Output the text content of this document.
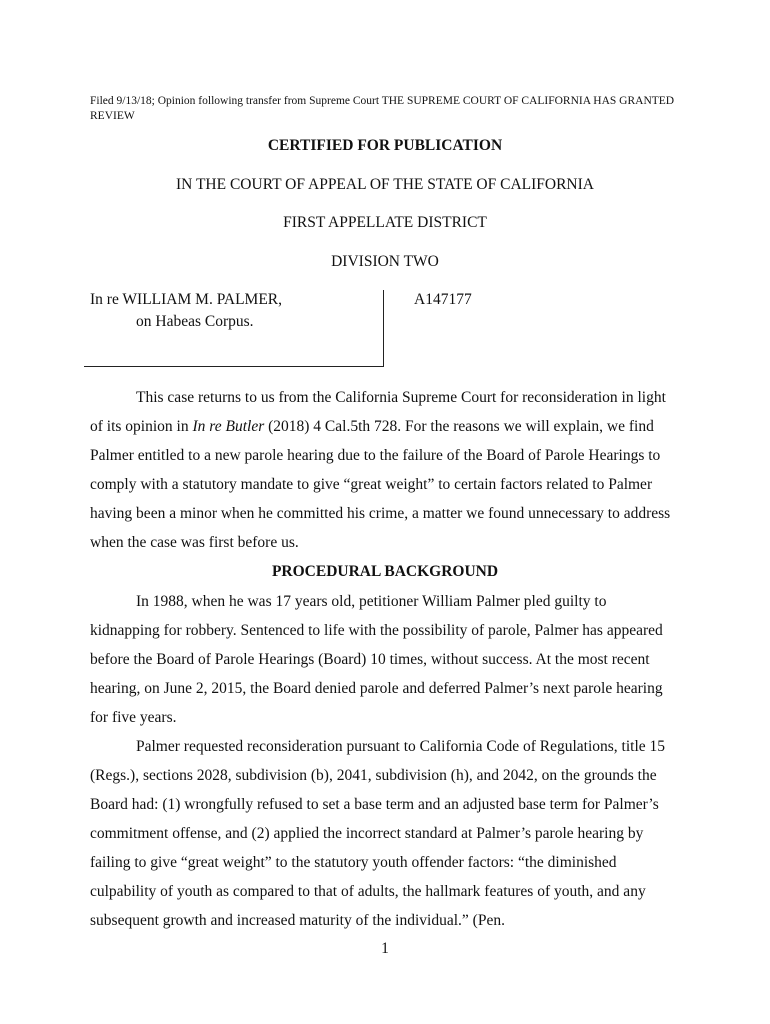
Filed 9/13/18; Opinion following transfer from Supreme Court THE SUPREME COURT OF CALIFORNIA HAS GRANTED REVIEW
CERTIFIED FOR PUBLICATION
IN THE COURT OF APPEAL OF THE STATE OF CALIFORNIA
FIRST APPELLATE DISTRICT
DIVISION TWO
In re WILLIAM M. PALMER,
on Habeas Corpus.
A147177

This case returns to us from the California Supreme Court for reconsideration in light of its opinion in In re Butler (2018) 4 Cal.5th 728. For the reasons we will explain, we find Palmer entitled to a new parole hearing due to the failure of the Board of Parole Hearings to comply with a statutory mandate to give “great weight” to certain factors related to Palmer having been a minor when he committed his crime, a matter we found unnecessary to address when the case was first before us.

PROCEDURAL BACKGROUND

In 1988, when he was 17 years old, petitioner William Palmer pled guilty to kidnapping for robbery. Sentenced to life with the possibility of parole, Palmer has appeared before the Board of Parole Hearings (Board) 10 times, without success. At the most recent hearing, on June 2, 2015, the Board denied parole and deferred Palmer’s next parole hearing for five years.

Palmer requested reconsideration pursuant to California Code of Regulations, title 15 (Regs.), sections 2028, subdivision (b), 2041, subdivision (h), and 2042, on the grounds the Board had: (1) wrongfully refused to set a base term and an adjusted base term for Palmer’s commitment offense, and (2) applied the incorrect standard at Palmer’s parole hearing by failing to give “great weight” to the statutory youth offender factors: “the diminished culpability of youth as compared to that of adults, the hallmark features of youth, and any subsequent growth and increased maturity of the individual.” (Pen.

1
